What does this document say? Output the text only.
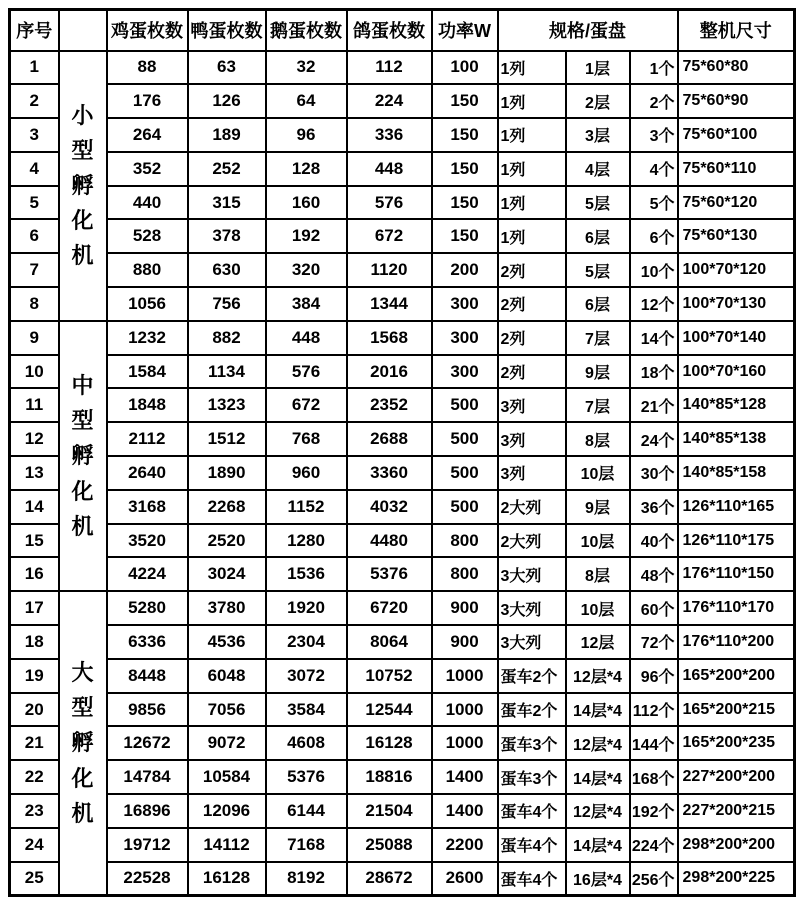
序号		鸡蛋枚数	鸭蛋枚数	鹅蛋枚数	鸽蛋枚数	功率W	规格/蛋盘			整机尺寸
1	小型孵化机	88	63	32	112	100	1列	1层	1个	75*60*80
2		176	126	64	224	150	1列	2层	2个	75*60*90
3		264	189	96	336	150	1列	3层	3个	75*60*100
4		352	252	128	448	150	1列	4层	4个	75*60*110
5		440	315	160	576	150	1列	5层	5个	75*60*120
6		528	378	192	672	150	1列	6层	6个	75*60*130
7		880	630	320	1120	200	2列	5层	10个	100*70*120
8		1056	756	384	1344	300	2列	6层	12个	100*70*130
9	中型孵化机	1232	882	448	1568	300	2列	7层	14个	100*70*140
10		1584	1134	576	2016	300	2列	9层	18个	100*70*160
11		1848	1323	672	2352	500	3列	7层	21个	140*85*128
12		2112	1512	768	2688	500	3列	8层	24个	140*85*138
13		2640	1890	960	3360	500	3列	10层	30个	140*85*158
14		3168	2268	1152	4032	500	2大列	9层	36个	126*110*165
15		3520	2520	1280	4480	800	2大列	10层	40个	126*110*175
16		4224	3024	1536	5376	800	3大列	8层	48个	176*110*150
17	大型孵化机	5280	3780	1920	6720	900	3大列	10层	60个	176*110*170
18		6336	4536	2304	8064	900	3大列	12层	72个	176*110*200
19		8448	6048	3072	10752	1000	蛋车2个	12层*4	96个	165*200*200
20		9856	7056	3584	12544	1000	蛋车2个	14层*4	112个	165*200*215
21		12672	9072	4608	16128	1000	蛋车3个	12层*4	144个	165*200*235
22		14784	10584	5376	18816	1400	蛋车3个	14层*4	168个	227*200*200
23		16896	12096	6144	21504	1400	蛋车4个	12层*4	192个	227*200*215
24		19712	14112	7168	25088	2200	蛋车4个	14层*4	224个	298*200*200
25		22528	16128	8192	28672	2600	蛋车4个	16层*4	256个	298*200*225
